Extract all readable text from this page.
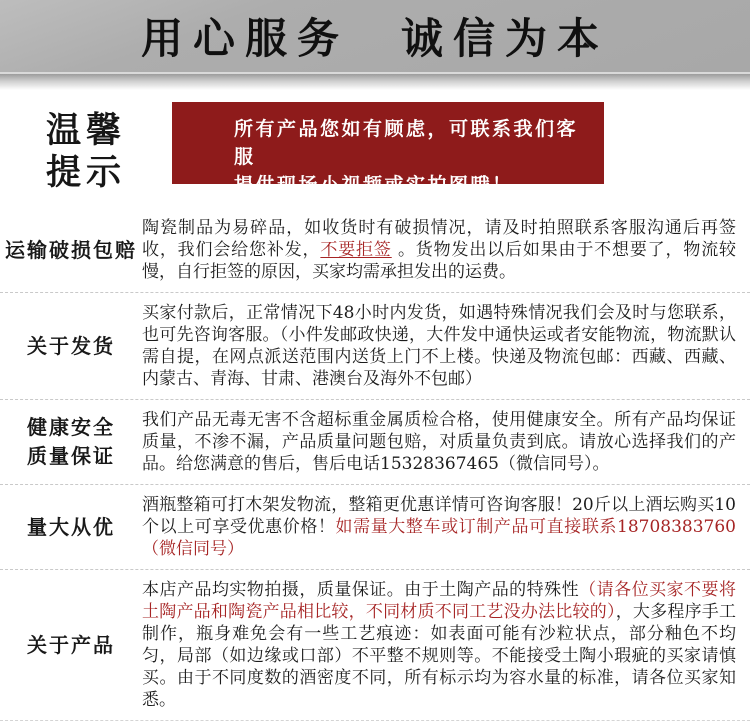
用心服务　诚信为本
温馨
提示
所有产品您如有顾虑，可联系我们客服
提供现场小视频或实拍图哦！
运输破损包赔
陶瓷制品为易碎品，如收货时有破损情况，请及时拍照联系客服沟通后再签收，我们会给您补发，不要拒签 。货物发出以后如果由于不想要了，物流较慢，自行拒签的原因，买家均需承担发出的运费。
关于发货
买家付款后，正常情况下48小时内发货，如遇特殊情况我们会及时与您联系，也可先咨询客服。（小件发邮政快递，大件发中通快运或者安能物流，物流默认需自提，在网点派送范围内送货上门不上楼。快递及物流包邮：西藏、西藏、内蒙古、青海、甘肃、港澳台及海外不包邮）
健康安全
质量保证
我们产品无毒无害不含超标重金属质检合格，使用健康安全。所有产品均保证质量，不渗不漏，产品质量问题包赔，对质量负责到底。请放心选择我们的产品。给您满意的售后，售后电话15328367465（微信同号）。
量大从优
酒瓶整箱可打木架发物流，整箱更优惠详情可咨询客服！20斤以上酒坛购买10个以上可享受优惠价格！如需量大整车或订制产品可直接联系18708383760（微信同号）
关于产品
本店产品均实物拍摄，质量保证。由于土陶产品的特殊性（请各位买家不要将土陶产品和陶瓷产品相比较，不同材质不同工艺没办法比较的），大多程序手工制作，瓶身难免会有一些工艺痕迹：如表面可能有沙粒状点，部分釉色不均匀，局部（如边缘或口部）不平整不规则等。不能接受土陶小瑕疵的买家请慎买。由于不同度数的酒密度不同，所有标示均为容水量的标准，请各位买家知悉。
